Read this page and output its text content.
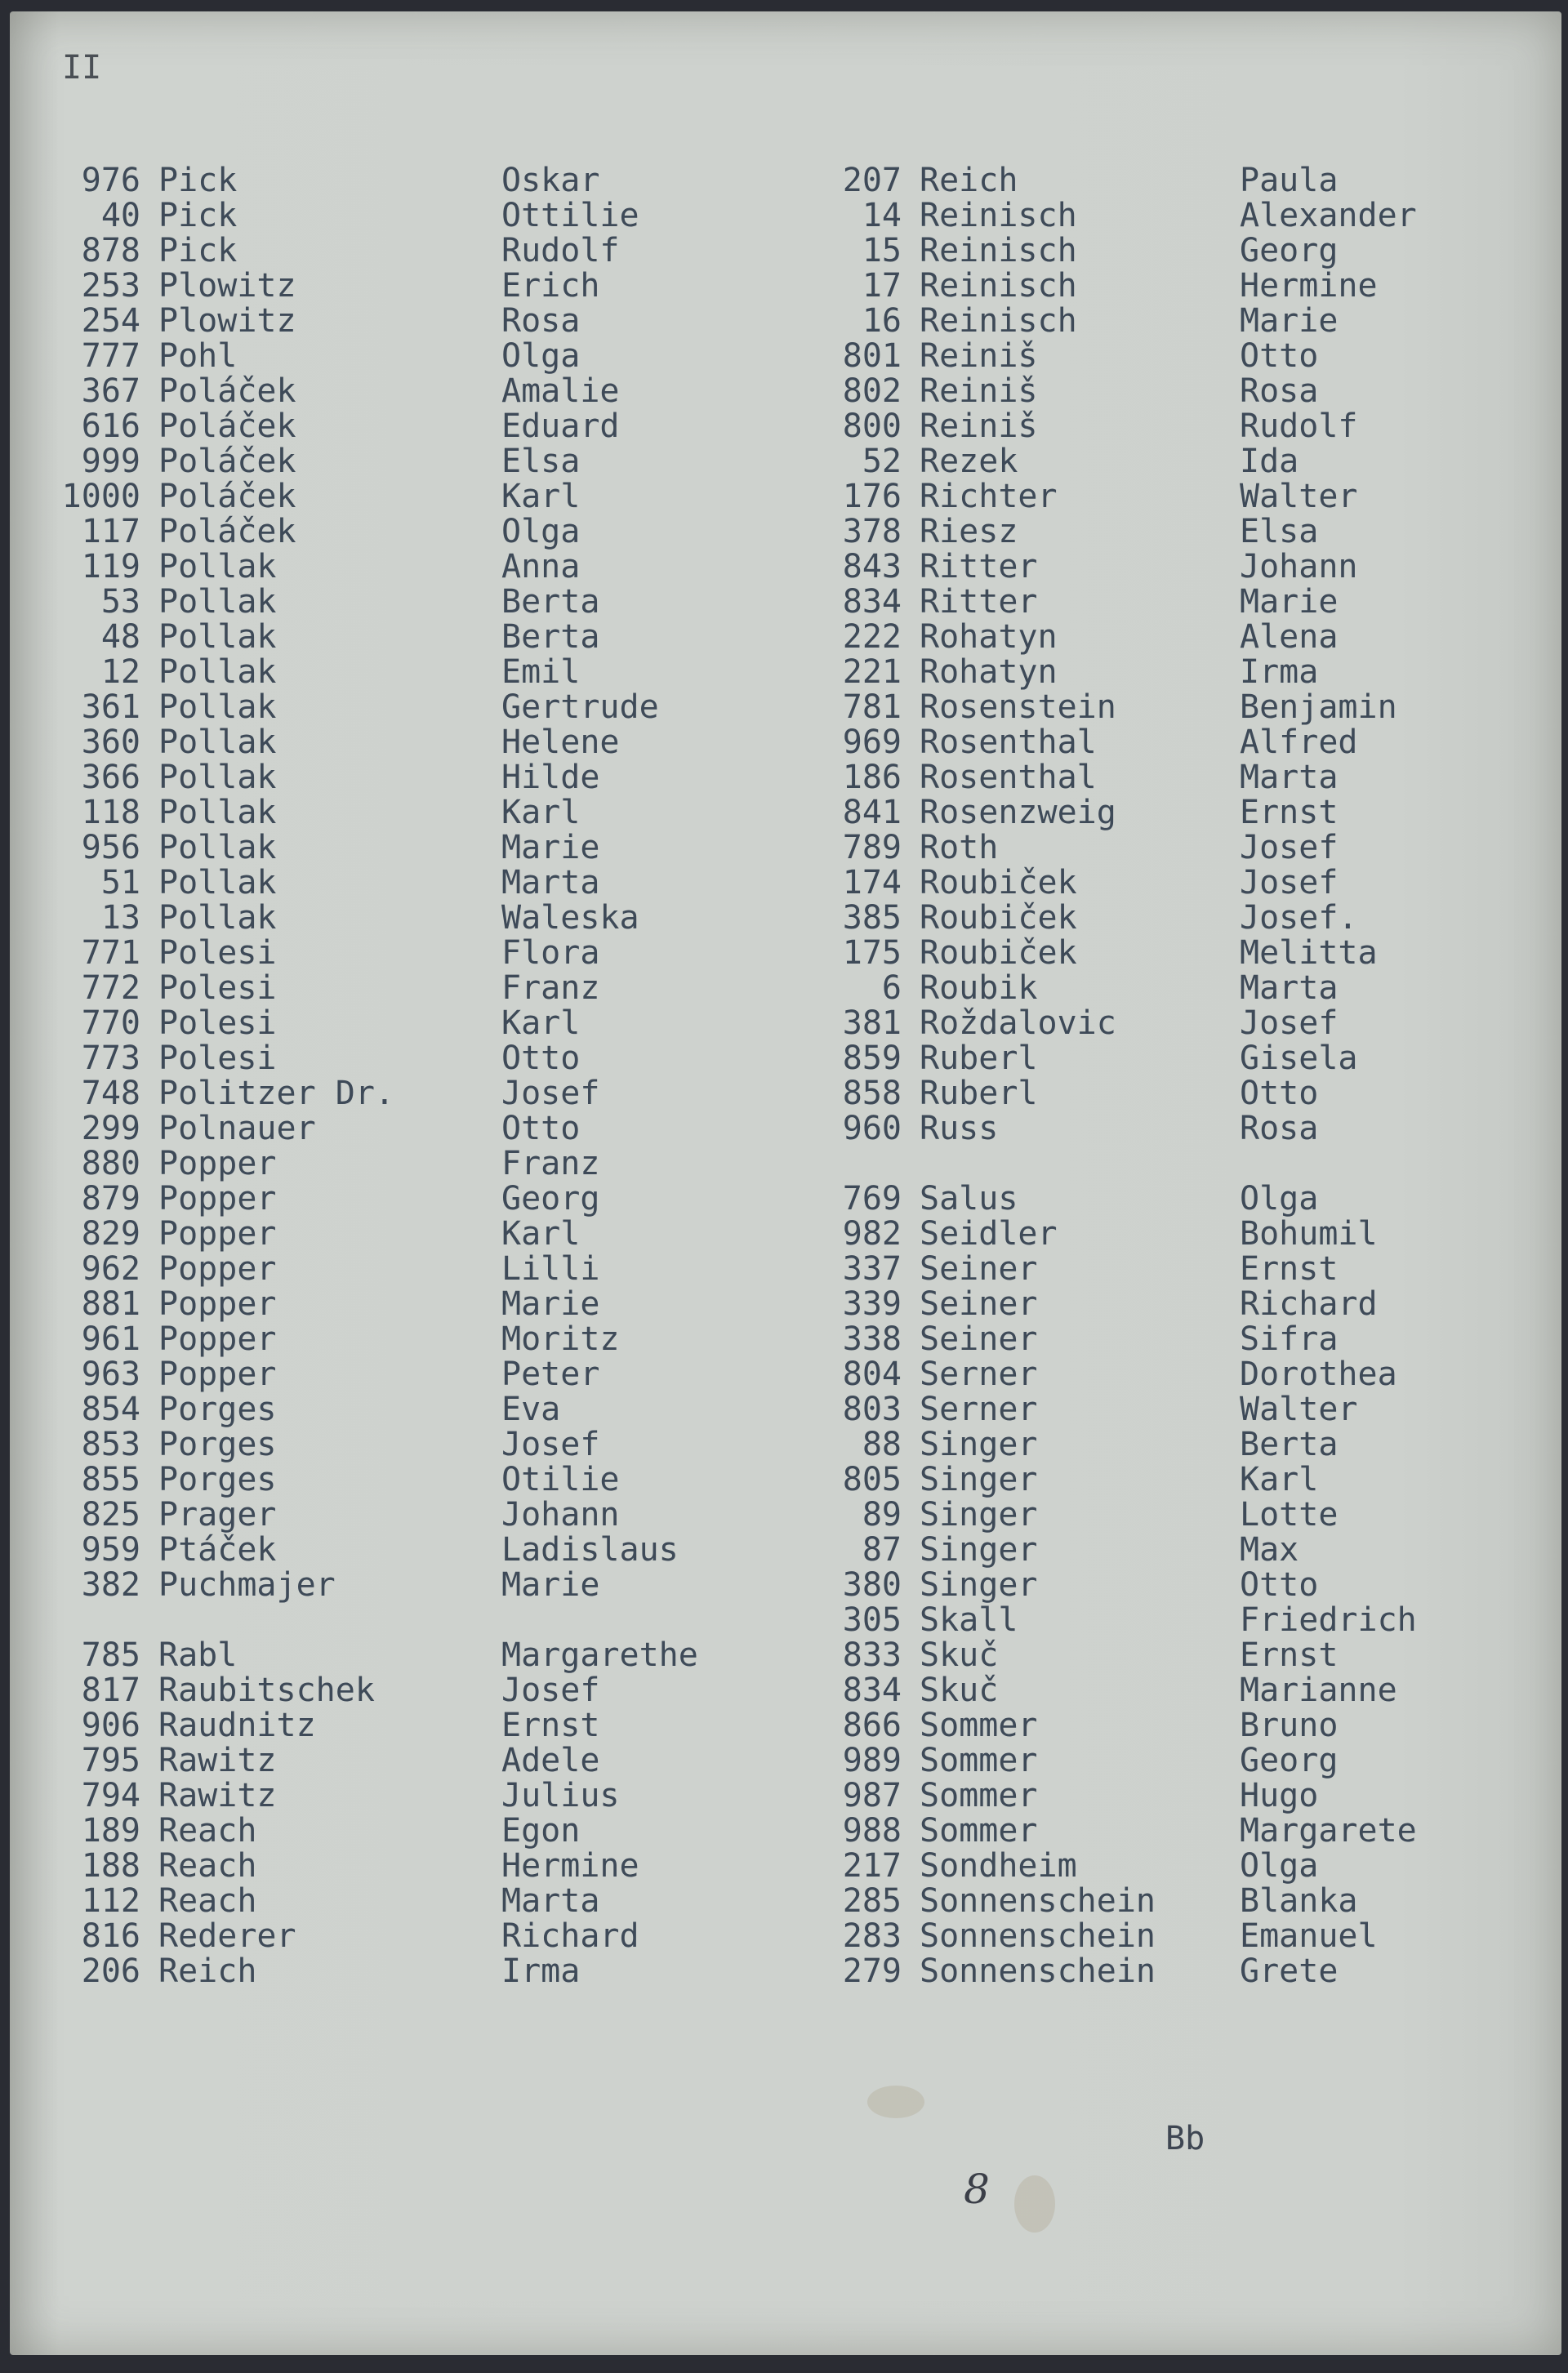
II
976 Pick	Oskar
40 Pick	Ottilie
878 Pick	Rudolf
253 Plowitz	Erich
254 Plowitz	Rosa
777 Pohl	Olga
367 Poláček	Amalie
616 Poláček	Eduard
999 Poláček	Elsa
1000 Poláček	Karl
117 Poláček	Olga
119 Pollak	Anna
53 Pollak	Berta
48 Pollak	Berta
12 Pollak	Emil
361 Pollak	Gertrude
360 Pollak	Helene
366 Pollak	Hilde
118 Pollak	Karl
956 Pollak	Marie
51 Pollak	Marta
13 Pollak	Waleska
771 Polesi	Flora
772 Polesi	Franz
770 Polesi	Karl
773 Polesi	Otto
748 Politzer Dr.	Josef
299 Polnauer	Otto
880 Popper	Franz
879 Popper	Georg
829 Popper	Karl
962 Popper	Lilli
881 Popper	Marie
961 Popper	Moritz
963 Popper	Peter
854 Porges	Eva
853 Porges	Josef
855 Porges	Otilie
825 Prager	Johann
959 Ptáček	Ladislaus
382 Puchmajer	Marie
785 Rabl	Margarethe
817 Raubitschek	Josef
906 Raudnitz	Ernst
795 Rawitz	Adele
794 Rawitz	Julius
189 Reach	Egon
188 Reach	Hermine
112 Reach	Marta
816 Rederer	Richard
206 Reich	Irma
207 Reich	Paula
14 Reinisch	Alexander
15 Reinisch	Georg
17 Reinisch	Hermine
16 Reinisch	Marie
801 Reiniš	Otto
802 Reiniš	Rosa
800 Reiniš	Rudolf
52 Rezek	Ida
176 Richter	Walter
378 Riesz	Elsa
843 Ritter	Johann
834 Ritter	Marie
222 Rohatyn	Alena
221 Rohatyn	Irma
781 Rosenstein	Benjamin
969 Rosenthal	Alfred
186 Rosenthal	Marta
841 Rosenzweig	Ernst
789 Roth	Josef
174 Roubiček	Josef
385 Roubiček	Josef.
175 Roubiček	Melitta
6 Roubik	Marta
381 Roždalovic	Josef
859 Ruberl	Gisela
858 Ruberl	Otto
960 Russ	Rosa
769 Salus	Olga
982 Seidler	Bohumil
337 Seiner	Ernst
339 Seiner	Richard
338 Seiner	Sifra
804 Serner	Dorothea
803 Serner	Walter
88 Singer	Berta
805 Singer	Karl
89 Singer	Lotte
87 Singer	Max
380 Singer	Otto
305 Skall	Friedrich
833 Skuč	Ernst
834 Skuč	Marianne
866 Sommer	Bruno
989 Sommer	Georg
987 Sommer	Hugo
988 Sommer	Margarete
217 Sondheim	Olga
285 Sonnenschein	Blanka
283 Sonnenschein	Emanuel
279 Sonnenschein	Grete
Bb
8
